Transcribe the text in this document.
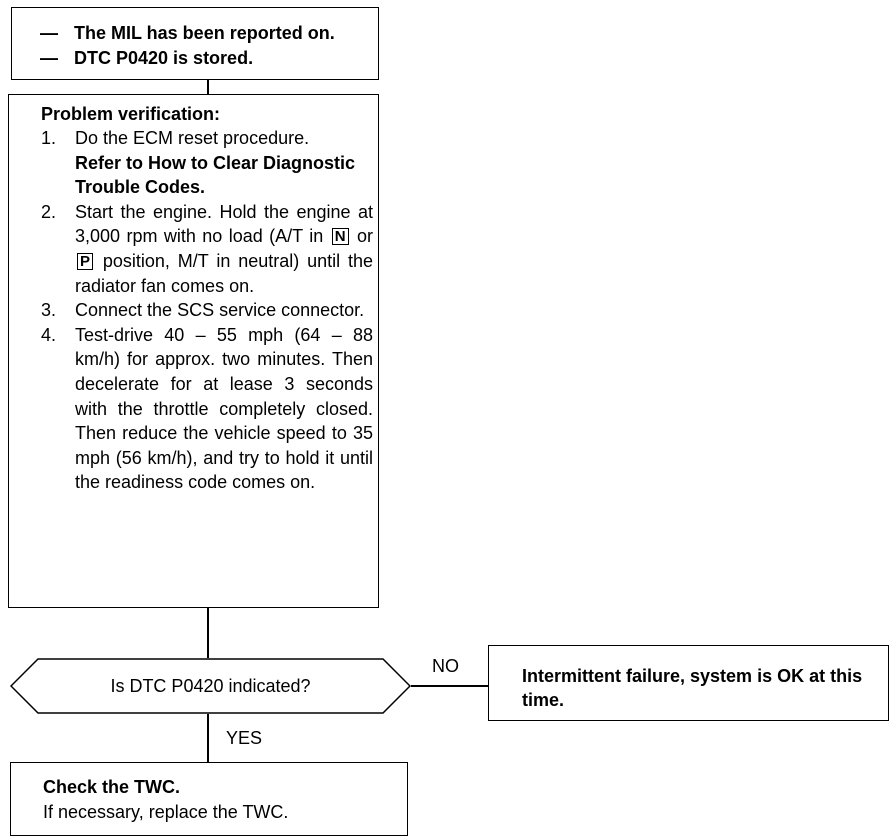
— The MIL has been reported on.
— DTC P0420 is stored.
Problem verification:
1. Do the ECM reset procedure.
Refer to How to Clear Diagnostic Trouble Codes.
2. Start the engine. Hold the engine at 3,000 rpm with no load (A/T in N or P position, M/T in neutral) until the radiator fan comes on.
3. Connect the SCS service connector.
4. Test-drive 40 – 55 mph (64 – 88 km/h) for approx. two minutes. Then decelerate for at lease 3 seconds with the throttle completely closed. Then reduce the vehicle speed to 35 mph (56 km/h), and try to hold it until the readiness code comes on.
Is DTC P0420 indicated?
NO
YES
Intermittent failure, system is OK at this time.
Check the TWC.
If necessary, replace the TWC.
